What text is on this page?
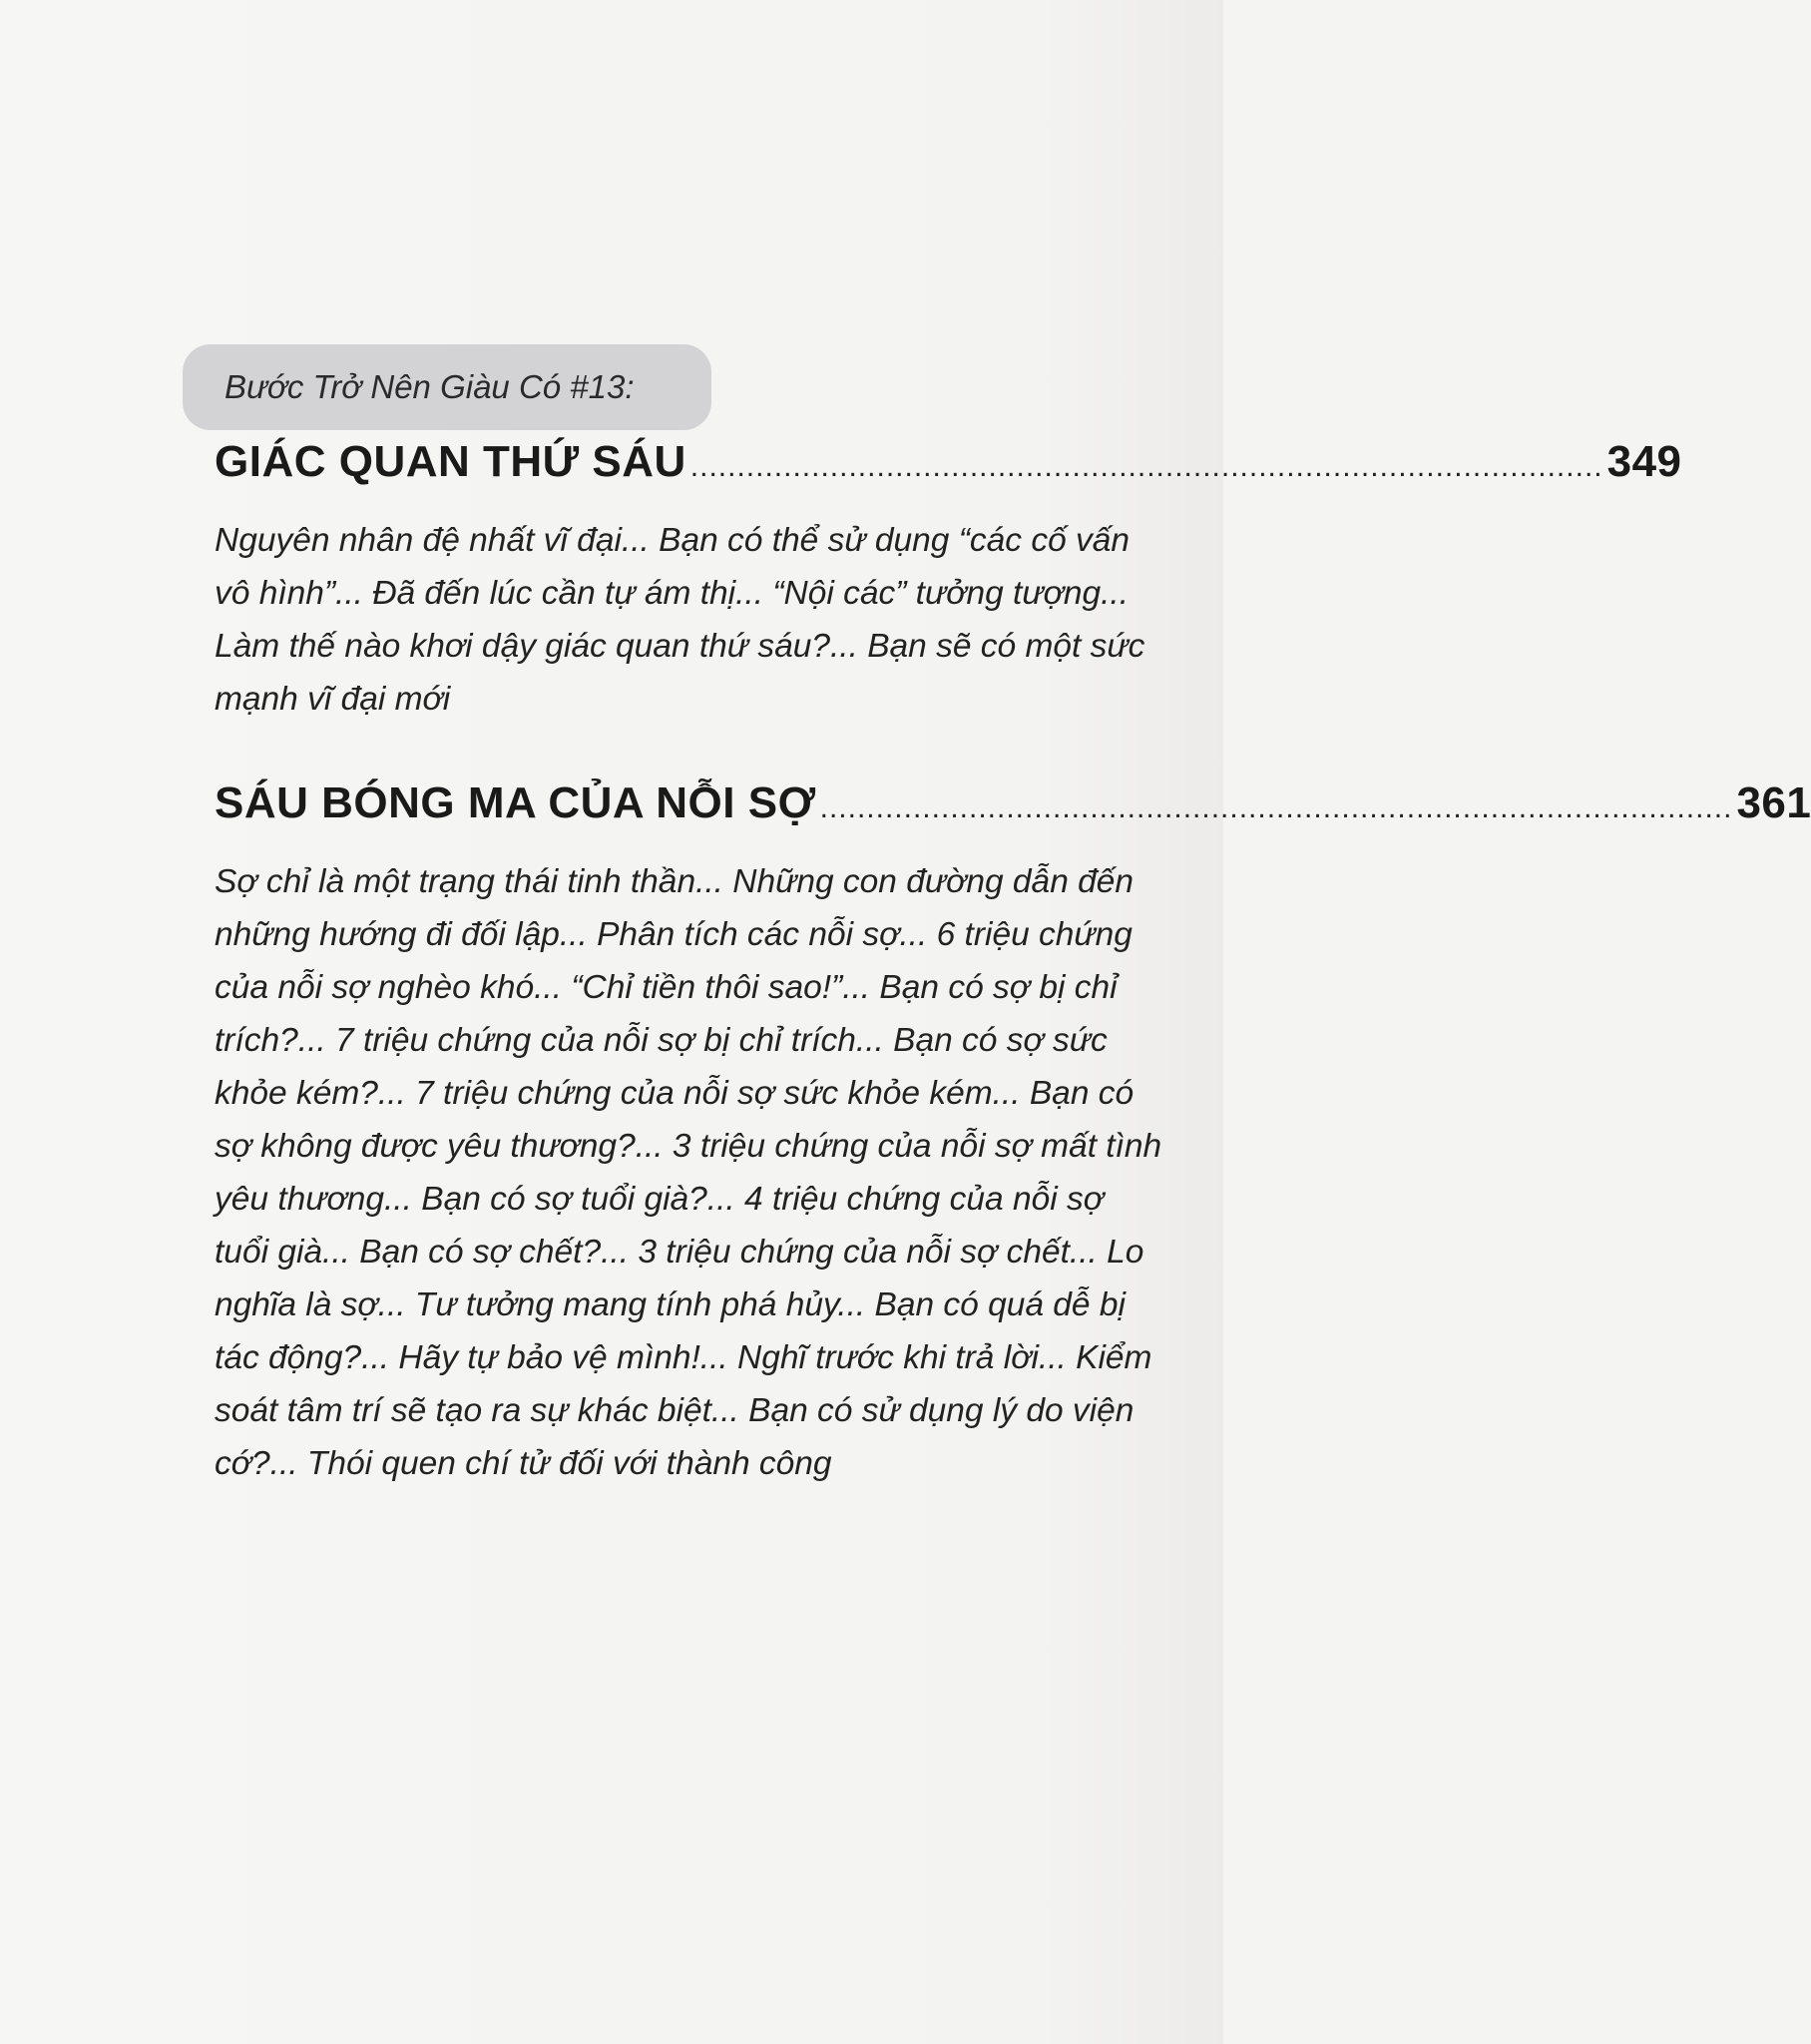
Bước Trở Nên Giàu Có #13:
GIÁC QUAN THỨ SÁU .................................................................................................. 349

Nguyên nhân đệ nhất vĩ đại... Bạn có thể sử dụng “các cố vấn vô hình”... Đã đến lúc cần tự ám thị... “Nội các” tưởng tượng... Làm thế nào khơi dậy giác quan thứ sáu?... Bạn sẽ có một sức mạnh vĩ đại mới

SÁU BÓNG MA CỦA NỖI SỢ .................................................................................................. 361

Sợ chỉ là một trạng thái tinh thần... Những con đường dẫn đến những hướng đi đối lập... Phân tích các nỗi sợ... 6 triệu chứng của nỗi sợ nghèo khó... “Chỉ tiền thôi sao!”... Bạn có sợ bị chỉ trích?... 7 triệu chứng của nỗi sợ bị chỉ trích... Bạn có sợ sức khỏe kém?... 7 triệu chứng của nỗi sợ sức khỏe kém... Bạn có sợ không được yêu thương?... 3 triệu chứng của nỗi sợ mất tình yêu thương... Bạn có sợ tuổi già?... 4 triệu chứng của nỗi sợ tuổi già... Bạn có sợ chết?... 3 triệu chứng của nỗi sợ chết... Lo nghĩa là sợ... Tư tưởng mang tính phá hủy... Bạn có quá dễ bị tác động?... Hãy tự bảo vệ mình!... Nghĩ trước khi trả lời... Kiểm soát tâm trí sẽ tạo ra sự khác biệt... Bạn có sử dụng lý do viện cớ?... Thói quen chí tử đối với thành công
